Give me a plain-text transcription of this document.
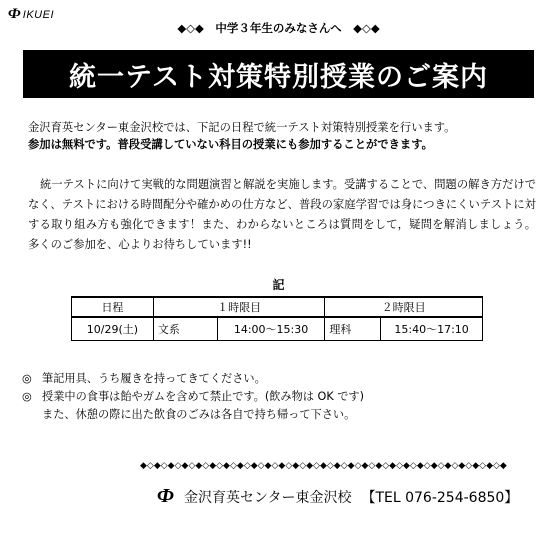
Ф IKUEI
◆◇◆　中学３年生のみなさんへ　◆◇◆
統一テスト対策特別授業のご案内
金沢育英センター東金沢校では、下記の日程で統一テスト対策特別授業を行います。
参加は無料です。普段受講していない科目の授業にも参加することができます。
統一テストに向けて実戦的な問題演習と解説を実施します。受講することで、問題の解き方だけでなく、テストにおける時間配分や確かめの仕方など、普段の家庭学習では身につきにくいテストに対する取り組み方も強化できます！また、わからないところは質問をして，疑問を解消しましょう。多くのご参加を、心よりお待ちしています!!
記
日程	１時限目		２時限目	
10/29(土)	文系	14:00～15:30	理科	15:40～17:10
◎ 筆記用具、うち履きを持ってきてください。
◎ 授業中の食事は飴やガムを含めて禁止です。(飲み物は OK です)
また、休憩の際に出た飲食のごみは各自で持ち帰って下さい。
◆◇◆◇◆◇◆◇◆◇◆◇◆◇◆◇◆◇◆◇◆◇◆◇◆◇◆◇◆◇◆◇◆◇◆◇◆◇◆◇◆◇◆◇◆◇◆◇◆◇◆◇◆
Ф 金沢育英センター東金沢校 【TEL 076-254-6850】
